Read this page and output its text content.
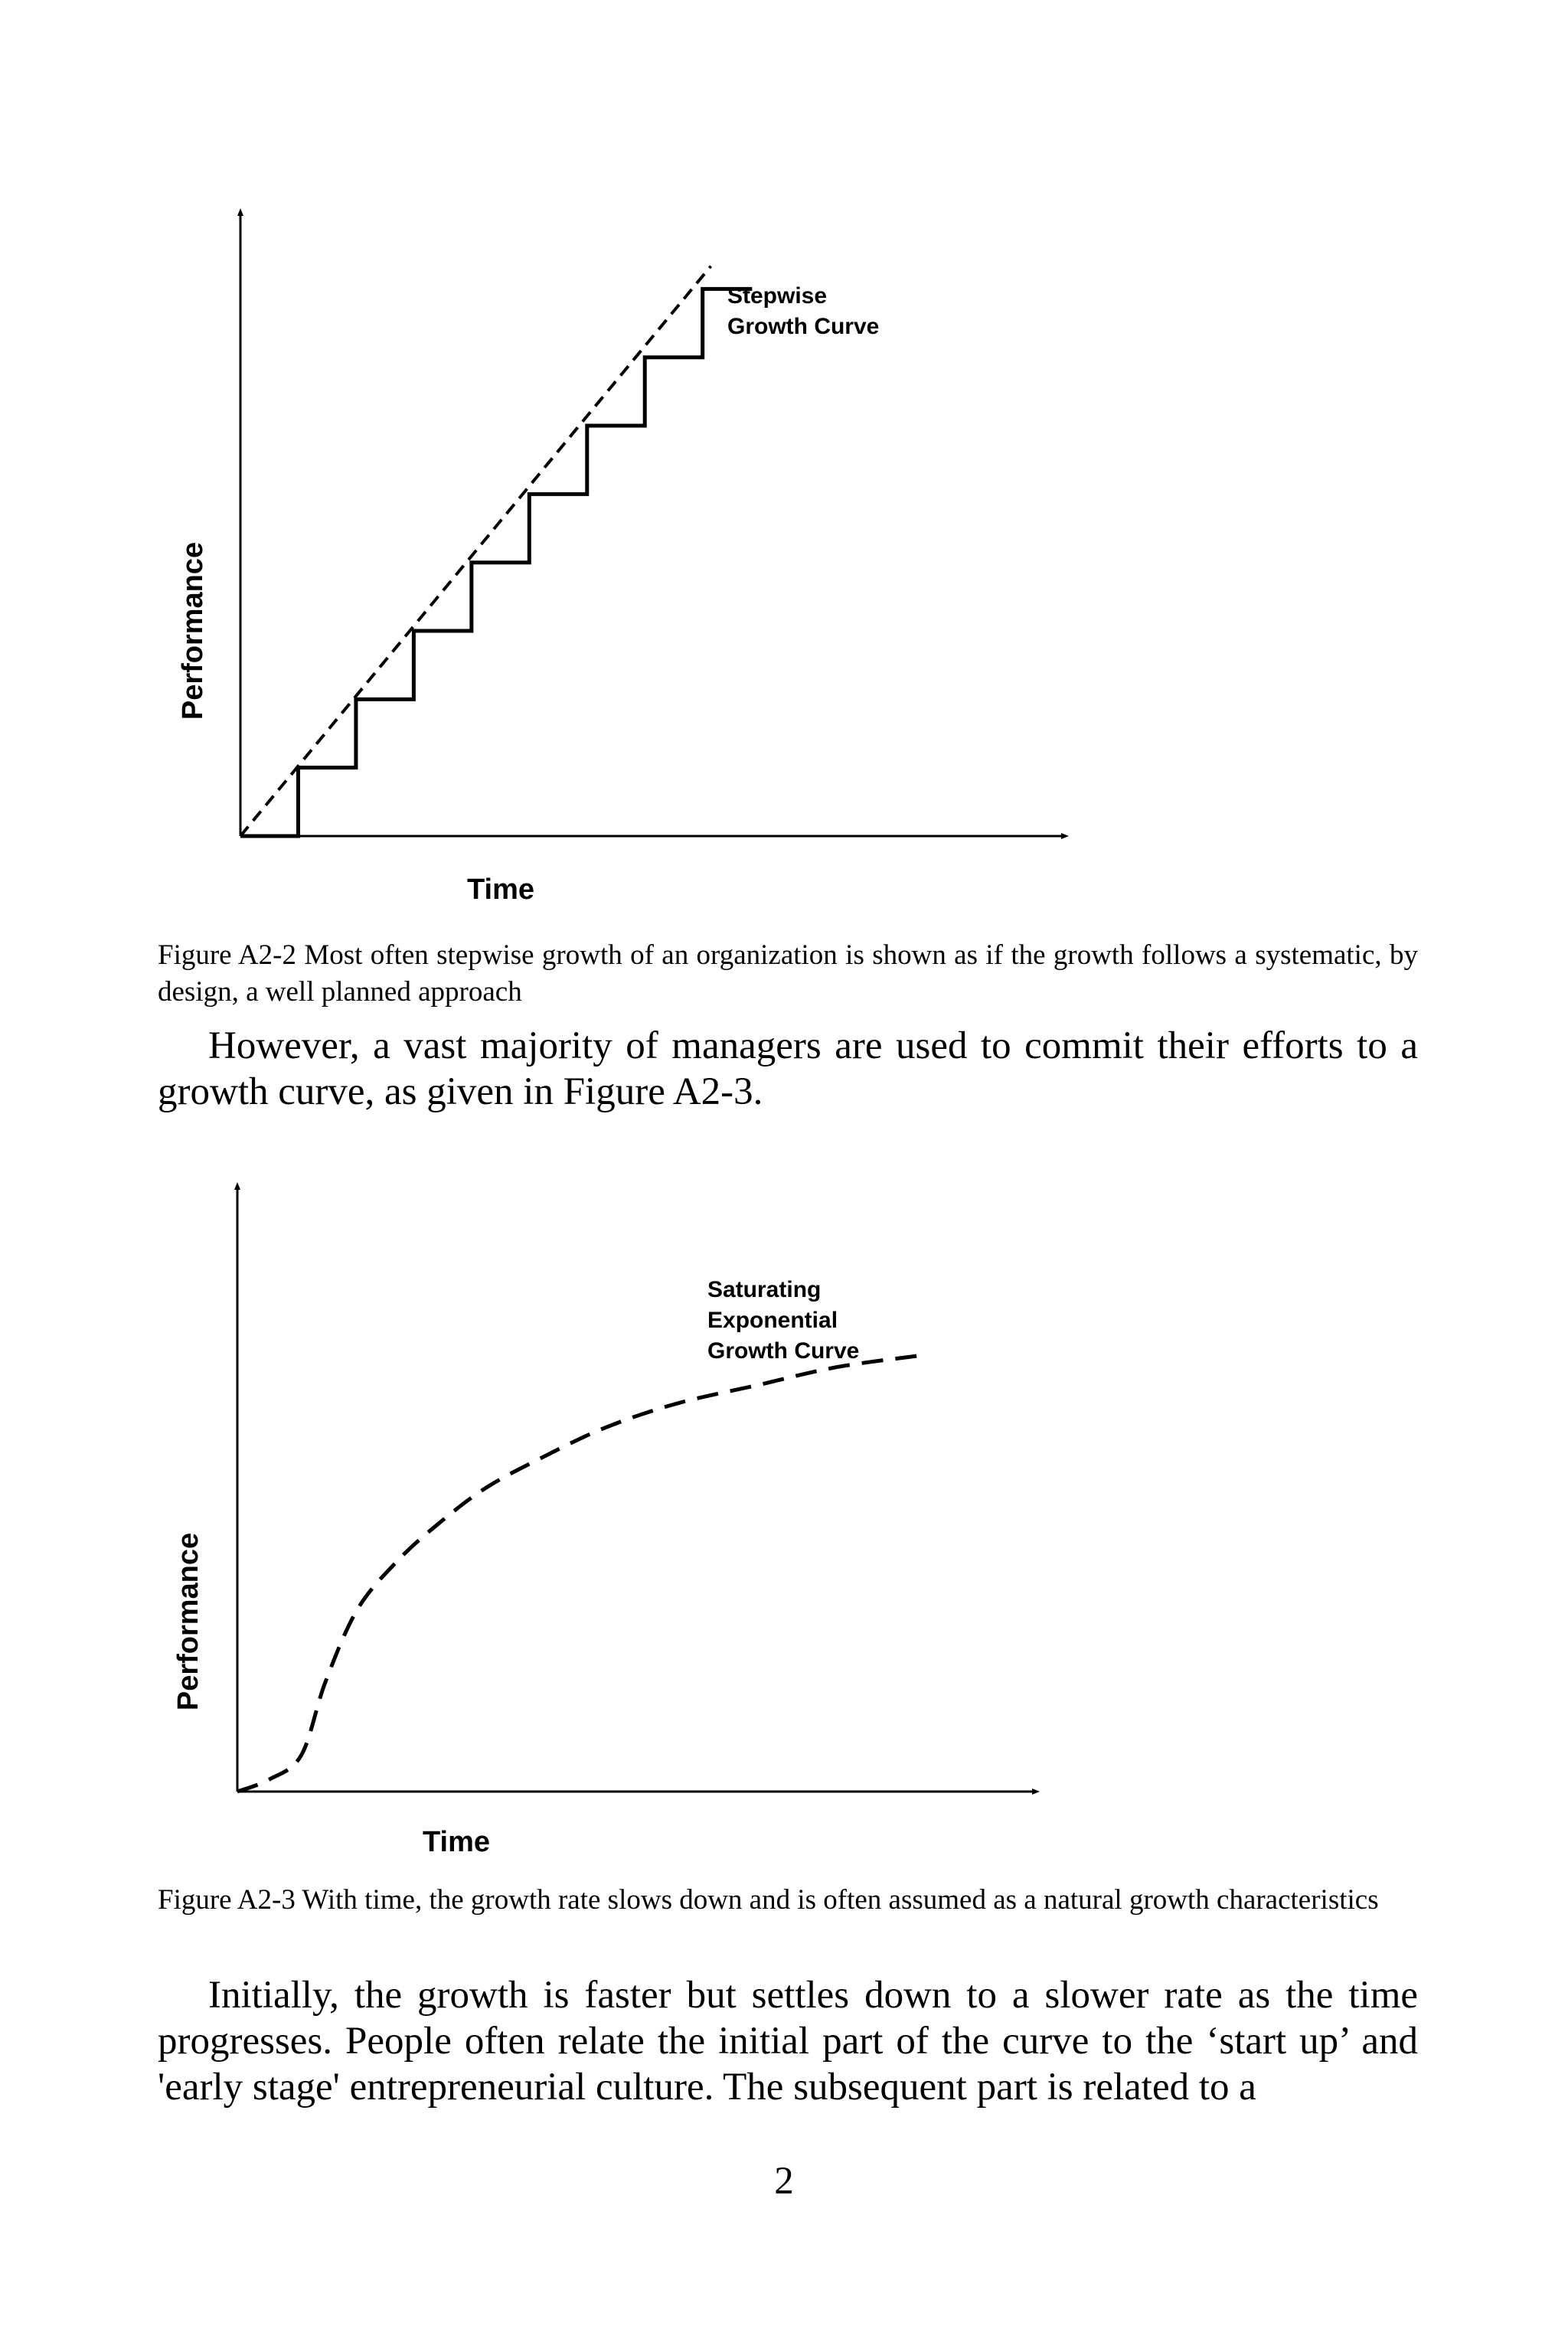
Time
Performance
Stepwise
Growth Curve

Figure A2-2 Most often stepwise growth of an organization is shown as if the growth follows a systematic, by design, a well planned approach

However, a vast majority of managers are used to commit their efforts to a growth curve, as given in Figure A2-3.

Time
Performance
Saturating
Exponential
Growth Curve

Figure A2-3 With time, the growth rate slows down and is often assumed as a natural growth characteristics

Initially, the growth is faster but settles down to a slower rate as the time progresses. People often relate the initial part of the curve to the ‘start up’ and 'early stage' entrepreneurial culture. The subsequent part is related to a

2
